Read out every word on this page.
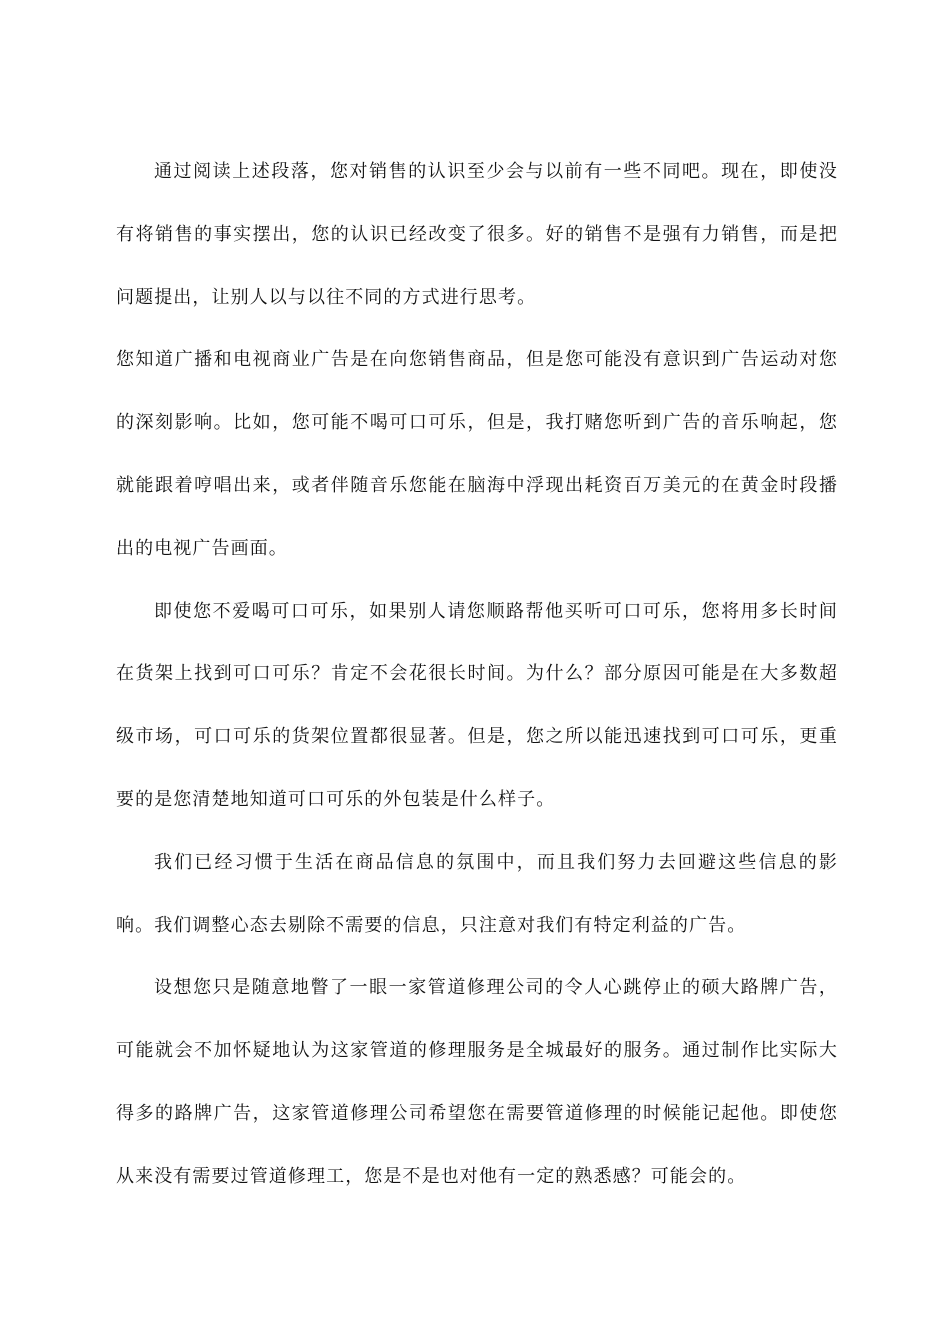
通过阅读上述段落，您对销售的认识至少会与以前有一些不同吧。现在，即使没有将销售的事实摆出，您的认识已经改变了很多。好的销售不是强有力销售，而是把问题提出，让别人以与以往不同的方式进行思考。

您知道广播和电视商业广告是在向您销售商品，但是您可能没有意识到广告运动对您的深刻影响。比如，您可能不喝可口可乐，但是，我打赌您听到广告的音乐响起，您就能跟着哼唱出来，或者伴随音乐您能在脑海中浮现出耗资百万美元的在黄金时段播出的电视广告画面。

即使您不爱喝可口可乐，如果别人请您顺路帮他买听可口可乐，您将用多长时间在货架上找到可口可乐？肯定不会花很长时间。为什么？部分原因可能是在大多数超级市场，可口可乐的货架位置都很显著。但是，您之所以能迅速找到可口可乐，更重要的是您清楚地知道可口可乐的外包装是什么样子。

我们已经习惯于生活在商品信息的氛围中，而且我们努力去回避这些信息的影响。我们调整心态去剔除不需要的信息，只注意对我们有特定利益的广告。

设想您只是随意地瞥了一眼一家管道修理公司的令人心跳停止的硕大路牌广告，可能就会不加怀疑地认为这家管道的修理服务是全城最好的服务。通过制作比实际大得多的路牌广告，这家管道修理公司希望您在需要管道修理的时候能记起他。即使您从来没有需要过管道修理工，您是不是也对他有一定的熟悉感？可能会的。
